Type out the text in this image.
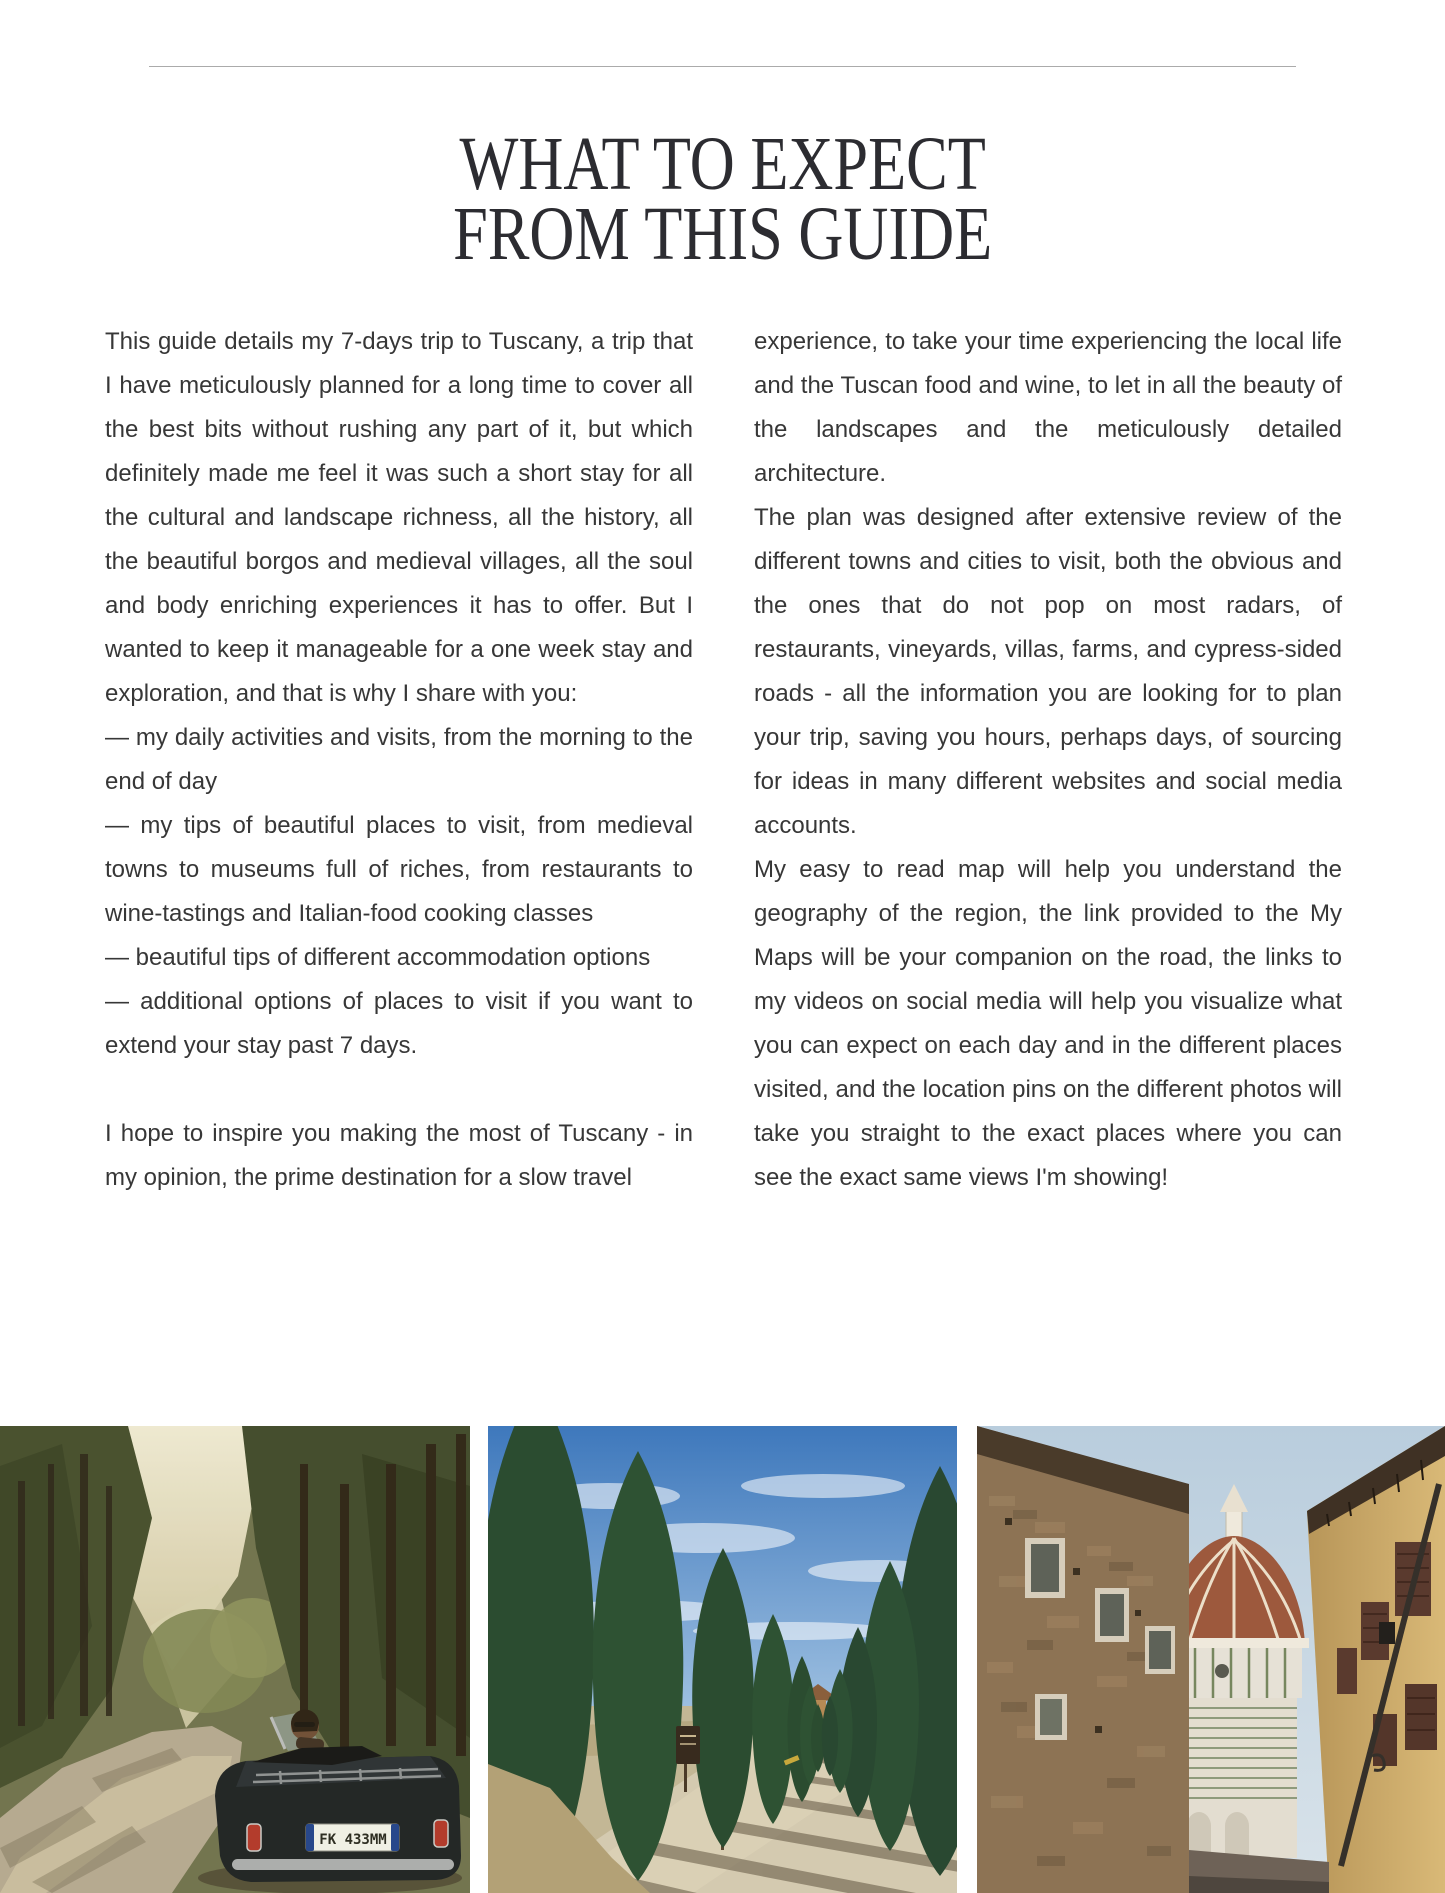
WHAT TO EXPECT
FROM THIS GUIDE

This guide details my 7-days trip to Tuscany, a trip that I have meticulously planned for a long time to cover all the best bits without rushing any part of it, but which definitely made me feel it was such a short stay for all the cultural and landscape richness, all the history, all the beautiful borgos and medieval villages, all the soul and body enriching experiences it has to offer. But I wanted to keep it manageable for a one week stay and exploration, and that is why I share with you:

— my daily activities and visits, from the morning to the end of day

— my tips of beautiful places to visit, from medieval towns to museums full of riches, from restaurants to wine-tastings and Italian-food cooking classes

— beautiful tips of different accommodation options

— additional options of places to visit if you want to extend your stay past 7 days.

I hope to inspire you making the most of Tuscany - in my opinion, the prime destination for a slow travel

experience, to take your time experiencing the local life and the Tuscan food and wine, to let in all the beauty of the landscapes and the meticulously detailed architecture.

The plan was designed after extensive review of the different towns and cities to visit, both the obvious and the ones that do not pop on most radars, of restaurants, vineyards, villas, farms, and cypress-sided roads - all the information you are looking for to plan your trip, saving you hours, perhaps days, of sourcing for ideas in many different websites and social media accounts.

My easy to read map will help you understand the geography of the region, the link provided to the My Maps will be your companion on the road, the links to my videos on social media will help you visualize what you can expect on each day and in the different places visited, and the location pins on the different photos will take you straight to the exact places where you can see the exact same views I'm showing!

FK 433MM
